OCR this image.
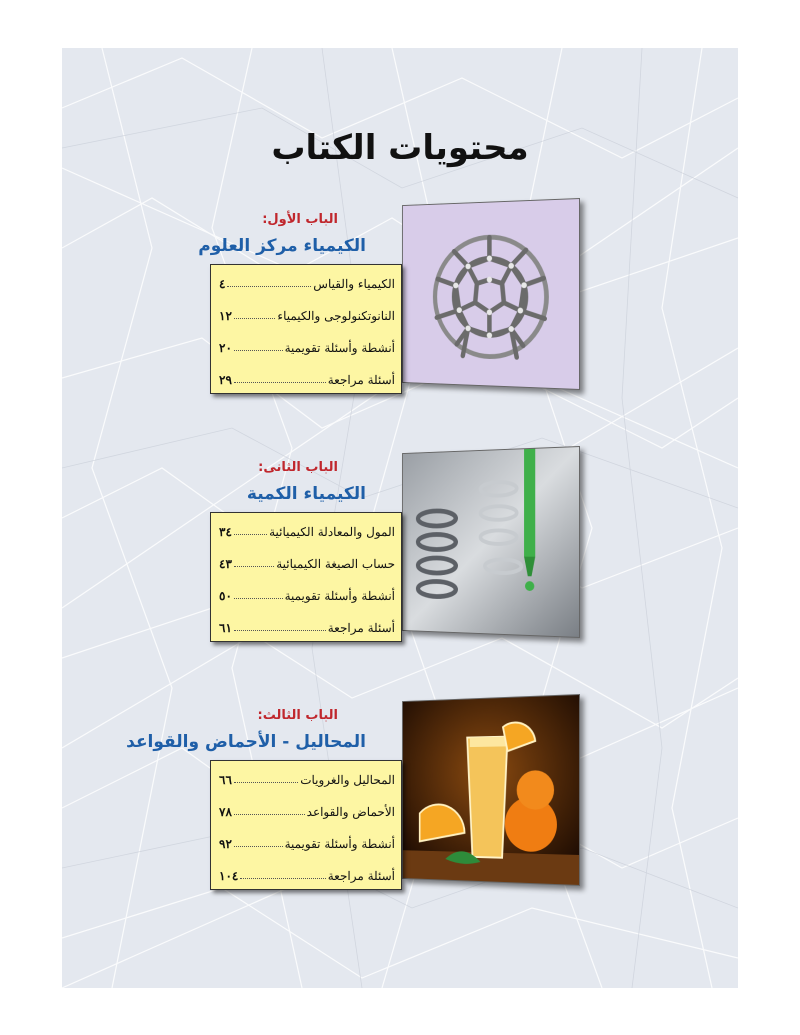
محتويات الكتاب
الباب الأول:
الكيمياء مركز العلوم
الكيمياء والقياس
٤
النانوتكنولوجى والكيمياء
١٢
أنشطة وأسئلة تقويمية
٢٠
أسئلة مراجعة
٢٩
الباب الثانى:
الكيمياء الكمية
المول والمعادلة الكيميائية
٣٤
حساب الصيغة الكيميائية
٤٣
أنشطة وأسئلة تقويمية
٥٠
أسئلة مراجعة
٦١
الباب الثالث:
المحاليل - الأحماض والقواعد
المحاليل والغرويات
٦٦
الأحماض والقواعد
٧٨
أنشطة وأسئلة تقويمية
٩٢
أسئلة مراجعة
١٠٤
